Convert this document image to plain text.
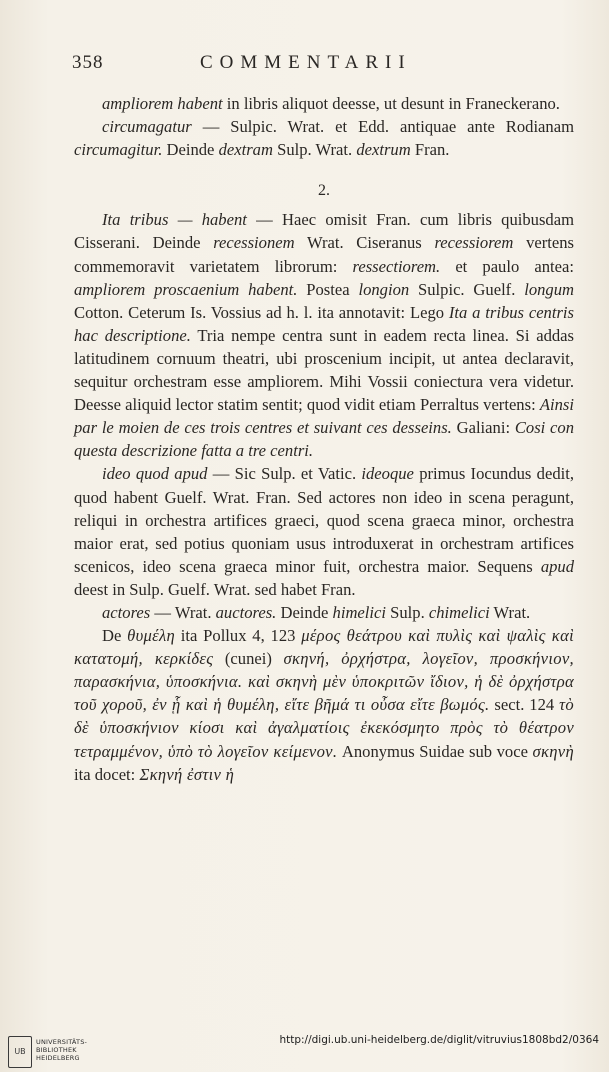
358	COMMENTARII

ampliorem habent in libris aliquot deesse, ut desunt in Franeckerano.

circumagatur — Sulpic. Wrat. et Edd. antiquae ante Rodianam circumagitur. Deinde dextram Sulp. Wrat. dextrum Fran.

2.

Ita tribus — habent — Haec omisit Fran. cum libris quibusdam Cisserani. Deinde recessionem Wrat. Ciseranus recessiorem vertens commemoravit varietatem librorum: ressectiorem. et paulo antea: ampliorem proscaenium habent. Postea longion Sulpic. Guelf. longum Cotton. Ceterum Is. Vossius ad h. l. ita annotavit: Lego Ita a tribus centris hac descriptione. Tria nempe centra sunt in eadem recta linea. Si addas latitudinem cornuum theatri, ubi proscenium incipit, ut antea declaravit, sequitur orchestram esse ampliorem. Mihi Vossii coniectura vera videtur. Deesse aliquid lector statim sentit; quod vidit etiam Perraltus vertens: Ainsi par le moien de ces trois centres et suivant ces desseins. Galiani: Cosi con questa descrizione fatta a tre centri.

ideo quod apud — Sic Sulp. et Vatic. ideoque primus Iocundus dedit, quod habent Guelf. Wrat. Fran. Sed actores non ideo in scena peragunt, reliqui in orchestra artifices graeci, quod scena graeca minor, orchestra maior erat, sed potius quoniam usus introduxerat in orchestram artifices scenicos, ideo scena graeca minor fuit, orchestra maior. Sequens apud deest in Sulp. Guelf. Wrat. sed habet Fran.

actores — Wrat. auctores. Deinde himelici Sulp. chimelici Wrat.

De θυμέλη ita Pollux 4, 123 μέρος θεάτρου καὶ πυλὶς καὶ ψαλὶς καὶ κατατομή, κερκίδες (cunei) σκηνή, ὀρχήστρα, λογεῖον, προσκήνιον, παρασκήνια, ὑποσκήνια. καὶ σκηνὴ μὲν ὑποκριτῶν ἴδιον, ἡ δὲ ὀρχήστρα τοῦ χοροῦ, ἐν ᾗ καὶ ἡ θυμέλη, εἴτε βῆμά τι οὖσα εἴτε βωμός. sect. 124 τὸ δὲ ὑποσκήνιον κίοσι καὶ ἀγαλματίοις ἐκεκόσμητο πρὸς τὸ θέατρον τετραμμένον, ὑπὸ τὸ λογεῖον κείμενον. Anonymus Suidae sub voce σκηνὴ ita docet: Σκηνή ἐστιν ἡ

UB
UNIVERSITÄTS-
BIBLIOTHEK
HEIDELBERG
http://digi.ub.uni-heidelberg.de/diglit/vitruvius1808bd2/0364
